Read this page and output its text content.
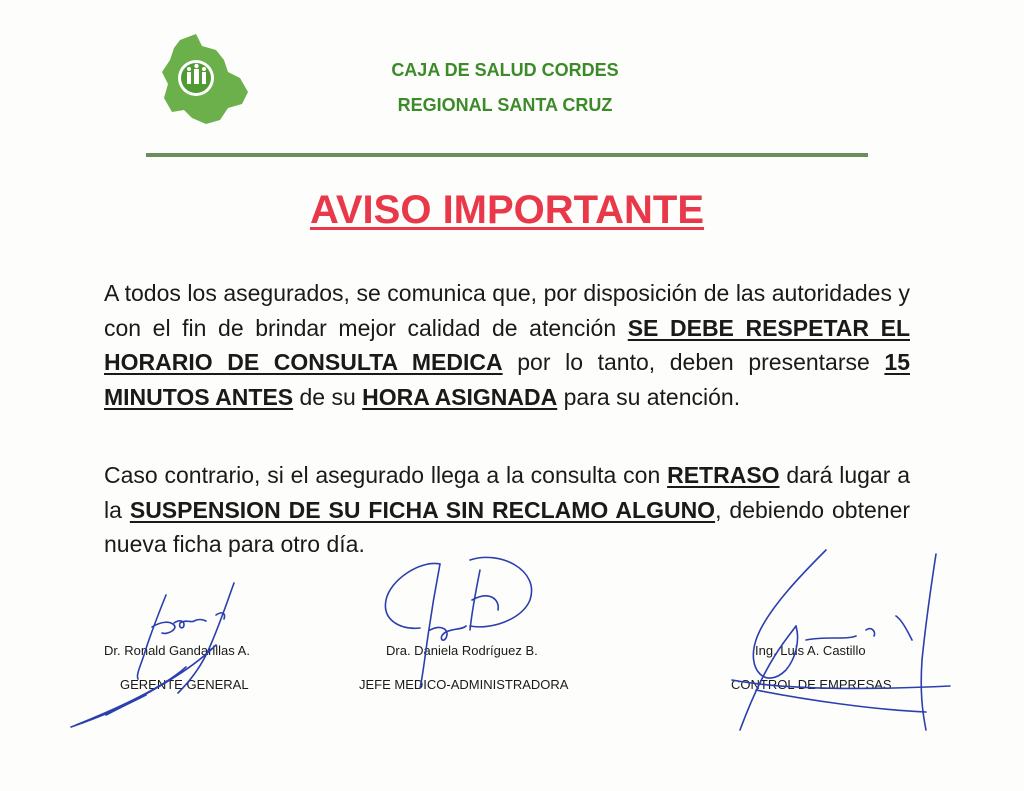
CAJA DE SALUD CORDES
REGIONAL SANTA CRUZ
AVISO IMPORTANTE
A todos los asegurados, se comunica que, por disposición de las autoridades y con el fin de brindar mejor calidad de atención SE DEBE RESPETAR EL HORARIO DE CONSULTA MEDICA por lo tanto, deben presentarse 15 MINUTOS ANTES de su HORA ASIGNADA para su atención.
Caso contrario, si el asegurado llega a la consulta con RETRASO dará lugar a la SUSPENSION DE SU FICHA SIN RECLAMO ALGUNO, debiendo obtener nueva ficha para otro día.
Dr. Ronald Gandarillas A.
GERENTE GENERAL
Dra. Daniela Rodríguez B.
JEFE MEDICO-ADMINISTRADORA
Ing. Luis A. Castillo
CONTROL DE EMPRESAS
